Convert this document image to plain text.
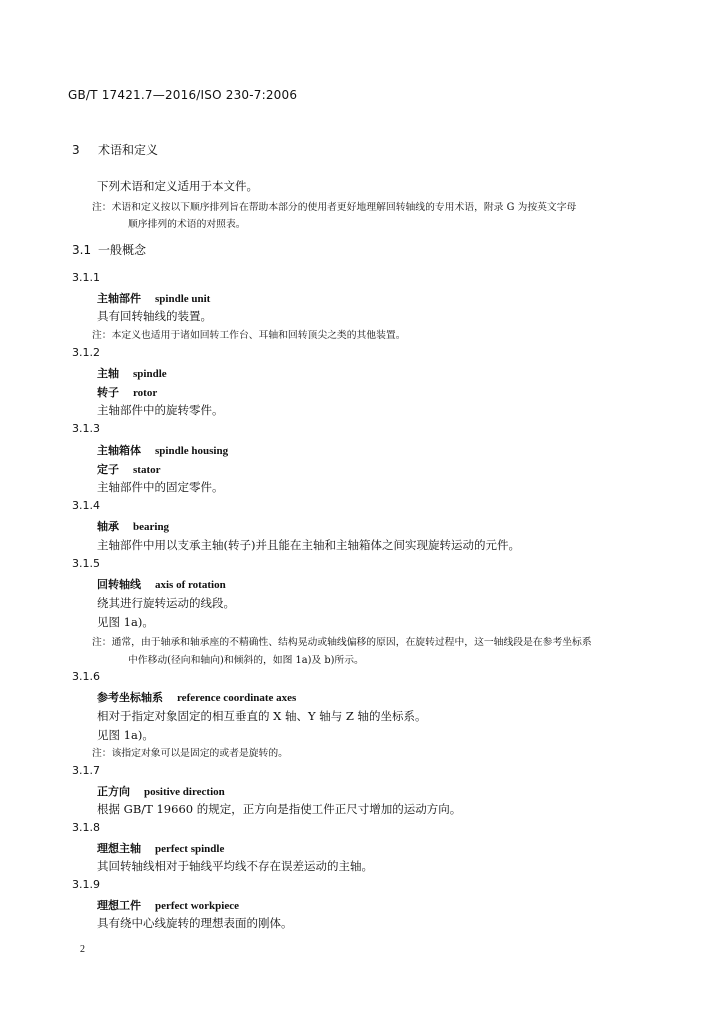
GB/T 17421.7—2016/ISO 230-7:2006
3 术语和定义
下列术语和定义适用于本文件。
注：术语和定义按以下顺序排列旨在帮助本部分的使用者更好地理解回转轴线的专用术语，附录 G 为按英文字母
顺序排列的术语的对照表。
3.1 一般概念
3.1.1
主轴部件 spindle unit
具有回转轴线的装置。
注：本定义也适用于诸如回转工作台、耳轴和回转顶尖之类的其他装置。
3.1.2
主轴 spindle
转子 rotor
主轴部件中的旋转零件。
3.1.3
主轴箱体 spindle housing
定子 stator
主轴部件中的固定零件。
3.1.4
轴承 bearing
主轴部件中用以支承主轴(转子)并且能在主轴和主轴箱体之间实现旋转运动的元件。
3.1.5
回转轴线 axis of rotation
绕其进行旋转运动的线段。
见图 1a)。
注：通常，由于轴承和轴承座的不精确性、结构晃动或轴线偏移的原因，在旋转过程中，这一轴线段是在参考坐标系
中作移动(径向和轴向)和倾斜的，如图 1a)及 b)所示。
3.1.6
参考坐标轴系 reference coordinate axes
相对于指定对象固定的相互垂直的 X 轴、Y 轴与 Z 轴的坐标系。
见图 1a)。
注：该指定对象可以是固定的或者是旋转的。
3.1.7
正方向 positive direction
根据 GB/T 19660 的规定，正方向是指使工件正尺寸增加的运动方向。
3.1.8
理想主轴 perfect spindle
其回转轴线相对于轴线平均线不存在误差运动的主轴。
3.1.9
理想工件 perfect workpiece
具有绕中心线旋转的理想表面的刚体。
2
